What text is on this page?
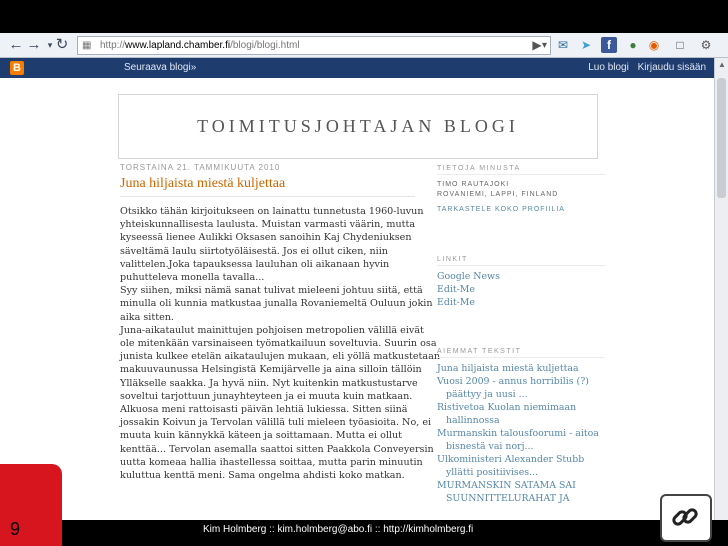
← → ▾ ↻	▦ http://www.lapland.chamber.fi/blogi/blogi.html	▾
▶ ✉ ➤	f	●	◉	□	⚙
B	Seuraava blogi»	Luo blogi Kirjaudu sisään
TOIMITUSJOHTAJAN BLOGI
TORSTAINA 21. TAMMIKUUTA 2010
Juna hiljaista miestä kuljettaa
Otsikko tähän kirjoitukseen on lainattu tunnetusta 1960-luvun
yhteiskunnallisesta laulusta. Muistan varmasti väärin, mutta
kyseessä lienee Aulikki Oksasen sanoihin Kaj Chydeniuksen
säveltämä laulu siirtotyöläisestä. Jos ei ollut ciken, niin
valittelen.Joka tapauksessa lauluhan oli aikanaan hyvin
puhutteleva monella tavalla...
Syy siihen, miksi nämä sanat tulivat mieleeni johtuu siitä, että
minulla oli kunnia matkustaa junalla Rovaniemeltä Ouluun jokin
aika sitten.
Juna-aikataulut mainittujen pohjoisen metropolien välillä eivät
ole mitenkään varsinaiseen työmatkailuun soveltuvia. Suurin osa
junista kulkee etelän aikataulujen mukaan, eli yöllä matkustetaan
makuuvaunussa Helsingistä Kemijärvelle ja aina silloin tällöin
Ylläkselle saakka. Ja hyvä niin. Nyt kuitenkin matkustustarve
soveltui tarjottuun junayhteyteen ja ei muuta kuin matkaan.
Alkuosa meni rattoisasti päivän lehtiä lukiessa. Sitten siinä
jossakin Koivun ja Tervolan välillä tuli mieleen työasioita. No, ei
muuta kuin kännykkä käteen ja soittamaan. Mutta ei ollut
kenttää... Tervolan asemalla saattoi sitten Paakkola Conveyersin
uutta komeaa hallia ihastellessa soittaa, mutta parin minuutin
kuluttua kenttä meni. Sama ongelma ahdisti koko matkan.
TIETOJA MINUSTA
TIMO RAUTAJOKI
ROVANIEMI, LAPPI, FINLAND
TARKASTELE KOKO PROFIILIA
LINKIT
Google News
Edit-Me
Edit-Me
AIEMMAT TEKSTIT
Juna hiljaista miestä kuljettaa
Vuosi 2009 - annus horribilis (?)
päättyy ja uusi ...
Ristivetoa Kuolan niemimaan
hallinnossa
Murmanskin talousfoorumi - aitoa
bisnestä vai norj...
Ulkoministeri Alexander Stubb
yllätti positiivises...
MURMANSKIN SATAMA SAI
SUUNNITTELURAHAT JA
▲
9	Kim Holmberg :: kim.holmberg@abo.fi :: http://kimholmberg.fi
